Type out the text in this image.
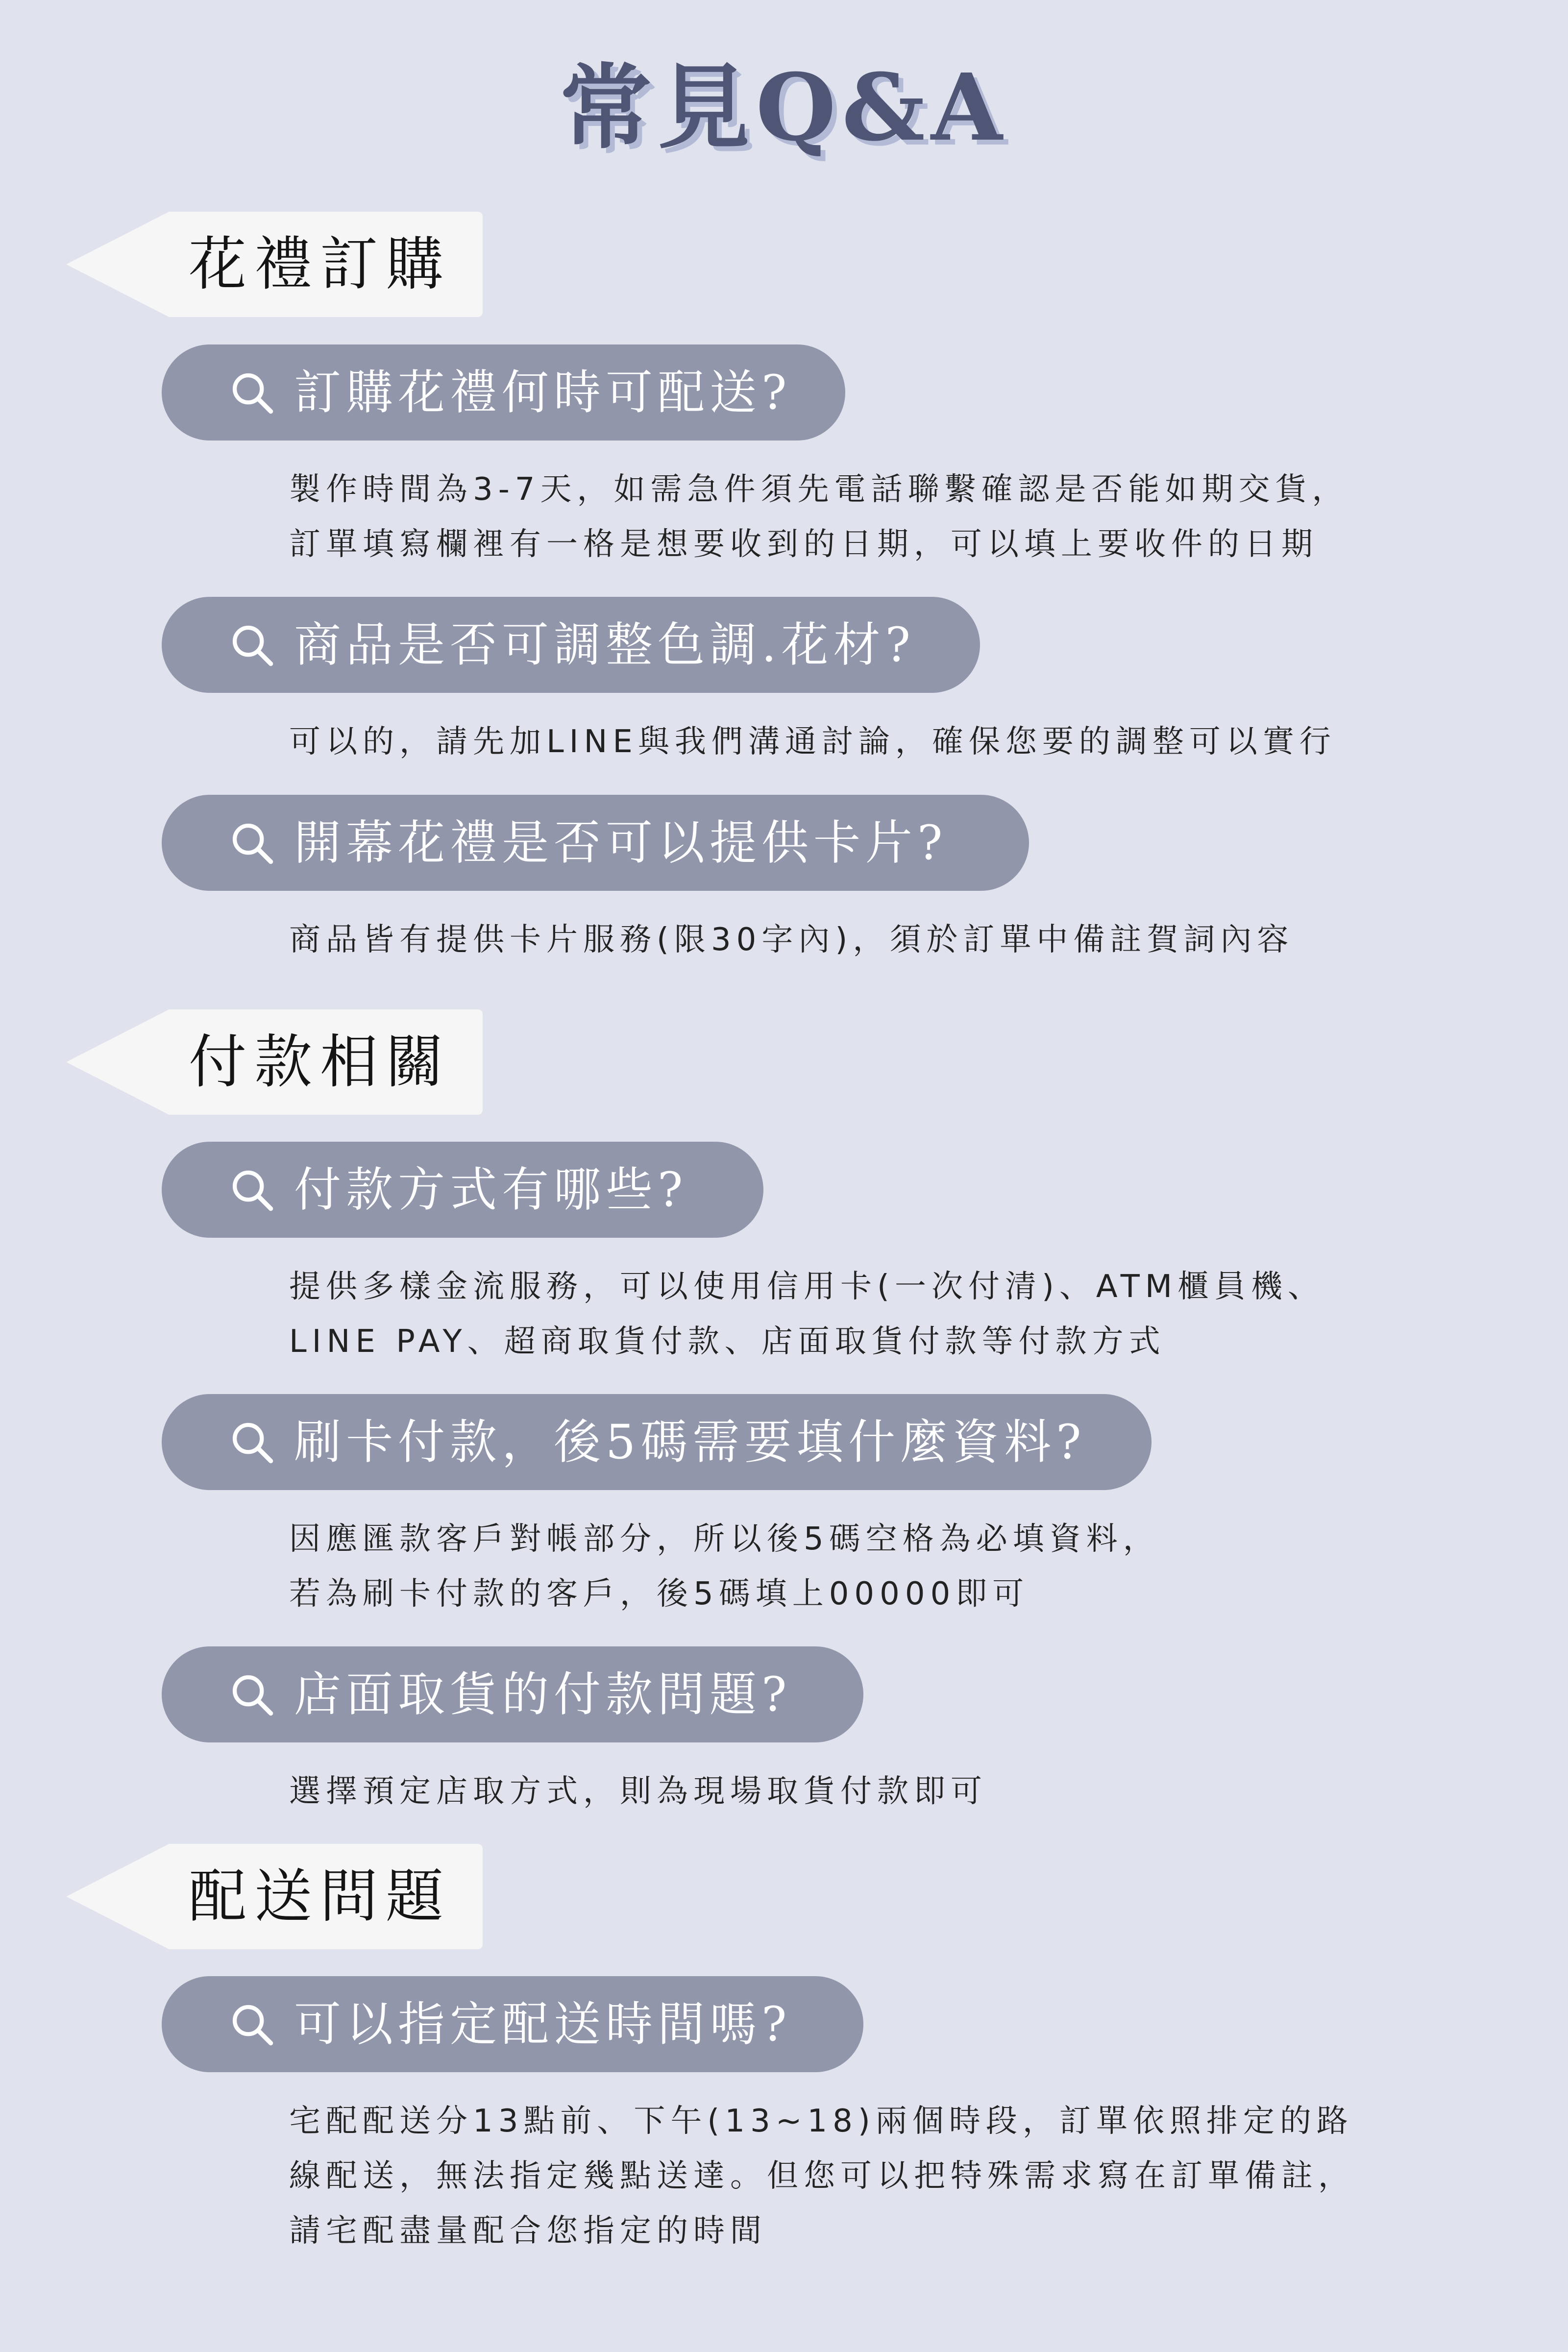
常見Q&A
花禮訂購
訂購花禮何時可配送?
製作時間為3-7天，如需急件須先電話聯繫確認是否能如期交貨，
訂單填寫欄裡有一格是想要收到的日期，可以填上要收件的日期
商品是否可調整色調.花材?
可以的，請先加LINE與我們溝通討論，確保您要的調整可以實行
開幕花禮是否可以提供卡片?
商品皆有提供卡片服務(限30字內)，須於訂單中備註賀詞內容
付款相關
付款方式有哪些?
提供多樣金流服務，可以使用信用卡(一次付清)、ATM櫃員機、
LINE PAY、超商取貨付款、店面取貨付款等付款方式
刷卡付款，後5碼需要填什麼資料?
因應匯款客戶對帳部分，所以後5碼空格為必填資料，
若為刷卡付款的客戶，後5碼填上00000即可
店面取貨的付款問題?
選擇預定店取方式，則為現場取貨付款即可
配送問題
可以指定配送時間嗎?
宅配配送分13點前、下午(13~18)兩個時段，訂單依照排定的路
線配送，無法指定幾點送達。但您可以把特殊需求寫在訂單備註，
請宅配盡量配合您指定的時間
